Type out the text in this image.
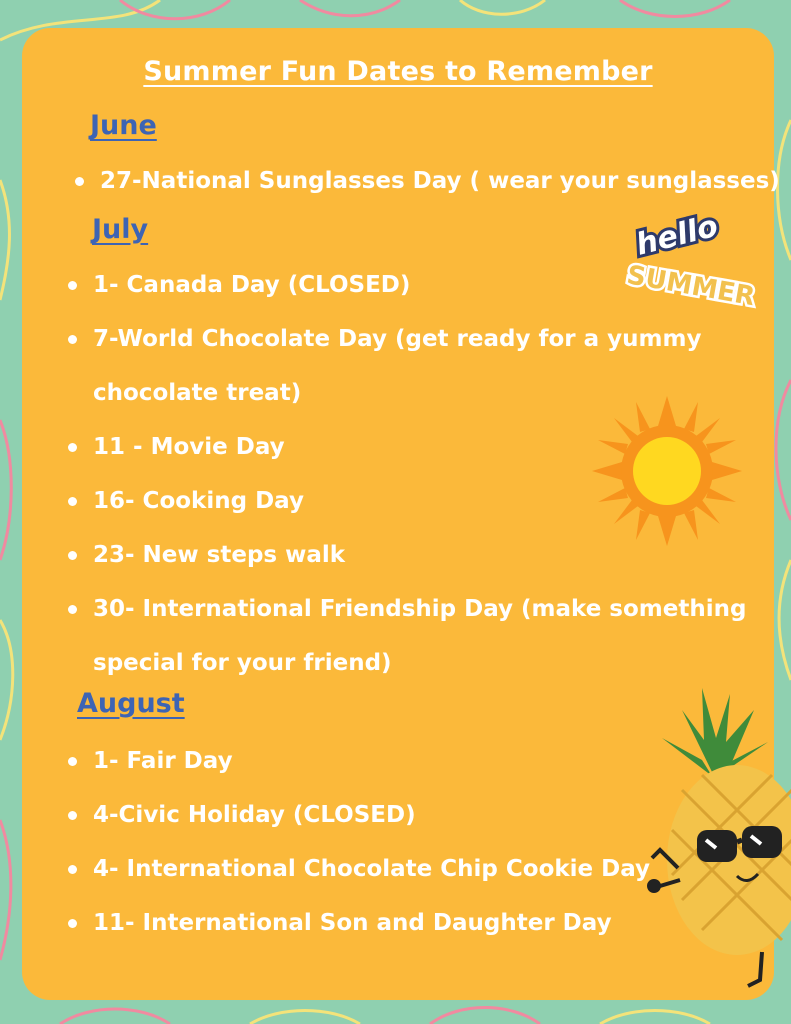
Summer Fun Dates to Remember
June
27-National Sunglasses Day ( wear your sunglasses)
July
1- Canada Day (CLOSED)
7-World Chocolate Day (get ready for a yummy chocolate treat)
11 - Movie Day
16- Cooking Day
23- New steps walk
30- International Friendship Day (make something special for your friend)
August
1- Fair Day
4-Civic Holiday (CLOSED)
4- International Chocolate Chip Cookie Day
11- International Son and Daughter Day
hello
SUMMER
